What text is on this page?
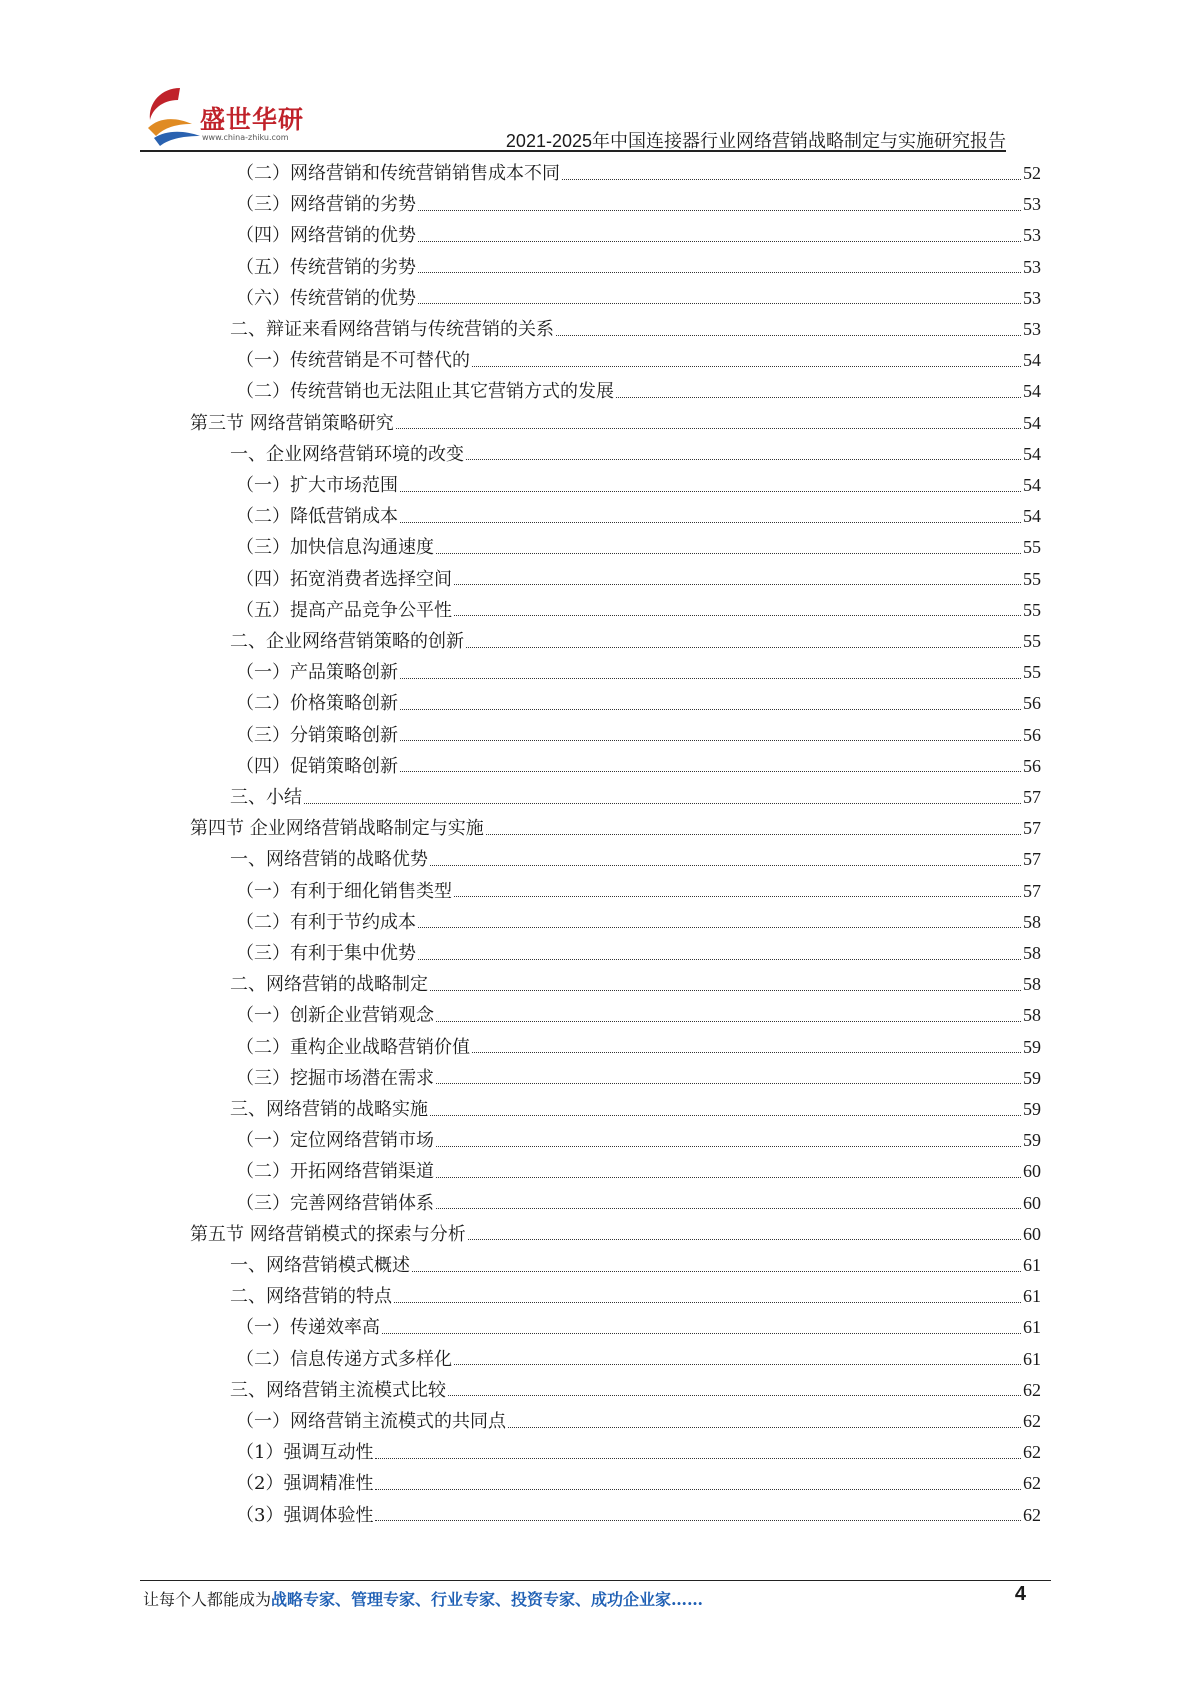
盛世华研
www.china-zhiku.com	2021-2025年中国连接器行业网络营销战略制定与实施研究报告
（二）网络营销和传统营销销售成本不同	52
（三）网络营销的劣势	53
（四）网络营销的优势	53
（五）传统营销的劣势	53
（六）传统营销的优势	53
二、辩证来看网络营销与传统营销的关系	53
（一）传统营销是不可替代的	54
（二）传统营销也无法阻止其它营销方式的发展	54
第三节 网络营销策略研究	54
一、企业网络营销环境的改变	54
（一）扩大市场范围	54
（二）降低营销成本	54
（三）加快信息沟通速度	55
（四）拓宽消费者选择空间	55
（五）提高产品竞争公平性	55
二、企业网络营销策略的创新	55
（一）产品策略创新	55
（二）价格策略创新	56
（三）分销策略创新	56
（四）促销策略创新	56
三、小结	57
第四节 企业网络营销战略制定与实施	57
一、网络营销的战略优势	57
（一）有利于细化销售类型	57
（二）有利于节约成本	58
（三）有利于集中优势	58
二、网络营销的战略制定	58
（一）创新企业营销观念	58
（二）重构企业战略营销价值	59
（三）挖掘市场潜在需求	59
三、网络营销的战略实施	59
（一）定位网络营销市场	59
（二）开拓网络营销渠道	60
（三）完善网络营销体系	60
第五节 网络营销模式的探索与分析	60
一、网络营销模式概述	61
二、网络营销的特点	61
（一）传递效率高	61
（二）信息传递方式多样化	61
三、网络营销主流模式比较	62
（一）网络营销主流模式的共同点	62
（1）强调互动性	62
（2）强调精准性	62
（3）强调体验性	62
让每个人都能成为战略专家、管理专家、行业专家、投资专家、成功企业家……	4
